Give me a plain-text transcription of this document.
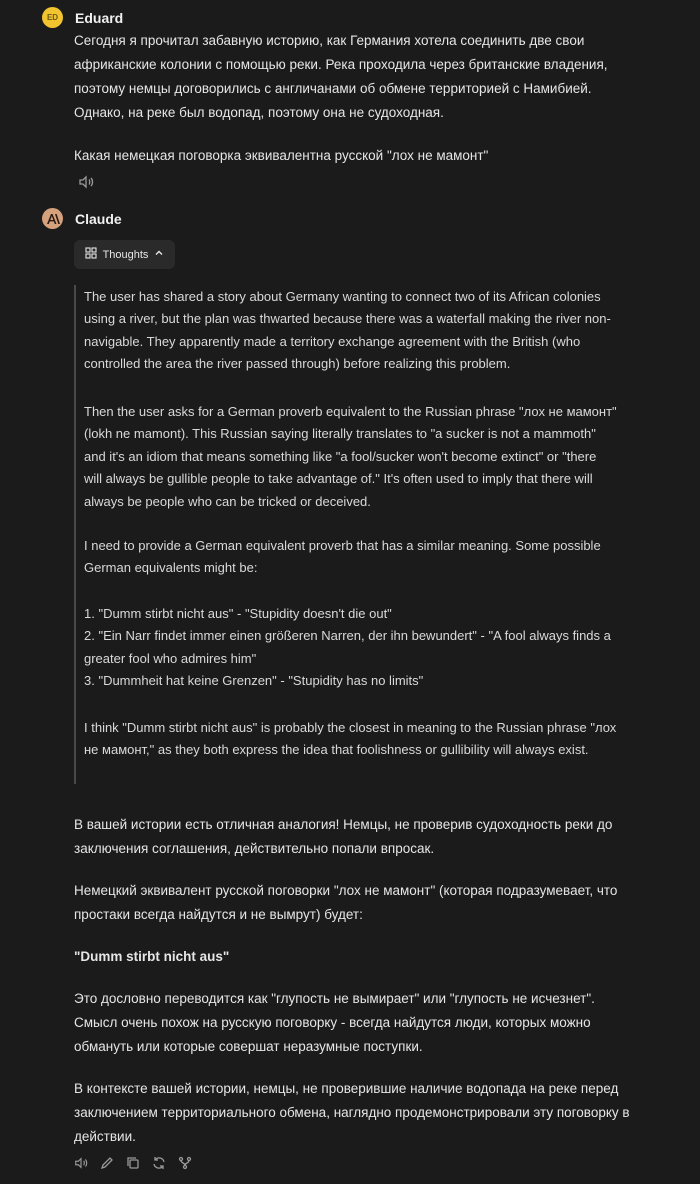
ED	Eduard

Сегодня я прочитал забавную историю, как Германия хотела соединить две свои

африканские колонии с помощью реки. Река проходила через британские владения,

поэтому немцы договорились с англичанами об обмене территорией с Намибией.

Однако, на реке был водопад, поэтому она не судоходная.

Какая немецкая поговорка эквивалентна русской "лох не мамонт"

Claude
Thoughts

The user has shared a story about Germany wanting to connect two of its African colonies

using a river, but the plan was thwarted because there was a waterfall making the river non-

navigable. They apparently made a territory exchange agreement with the British (who

controlled the area the river passed through) before realizing this problem.

Then the user asks for a German proverb equivalent to the Russian phrase "лох не мамонт"

(lokh ne mamont). This Russian saying literally translates to "a sucker is not a mammoth"

and it's an idiom that means something like "a fool/sucker won't become extinct" or "there

will always be gullible people to take advantage of." It's often used to imply that there will

always be people who can be tricked or deceived.

I need to provide a German equivalent proverb that has a similar meaning. Some possible

German equivalents might be:

1. "Dumm stirbt nicht aus" - "Stupidity doesn't die out"

2. "Ein Narr findet immer einen größeren Narren, der ihn bewundert" - "A fool always finds a

greater fool who admires him"

3. "Dummheit hat keine Grenzen" - "Stupidity has no limits"

I think "Dumm stirbt nicht aus" is probably the closest in meaning to the Russian phrase "лох

не мамонт," as they both express the idea that foolishness or gullibility will always exist.

В вашей истории есть отличная аналогия! Немцы, не проверив судоходность реки до

заключения соглашения, действительно попали впросак.

Немецкий эквивалент русской поговорки "лох не мамонт" (которая подразумевает, что

простаки всегда найдутся и не вымрут) будет:

"Dumm stirbt nicht aus"

Это дословно переводится как "глупость не вымирает" или "глупость не исчезнет".

Смысл очень похож на русскую поговорку - всегда найдутся люди, которых можно

обмануть или которые совершат неразумные поступки.

В контексте вашей истории, немцы, не проверившие наличие водопада на реке перед

заключением территориального обмена, наглядно продемонстрировали эту поговорку в

действии.
